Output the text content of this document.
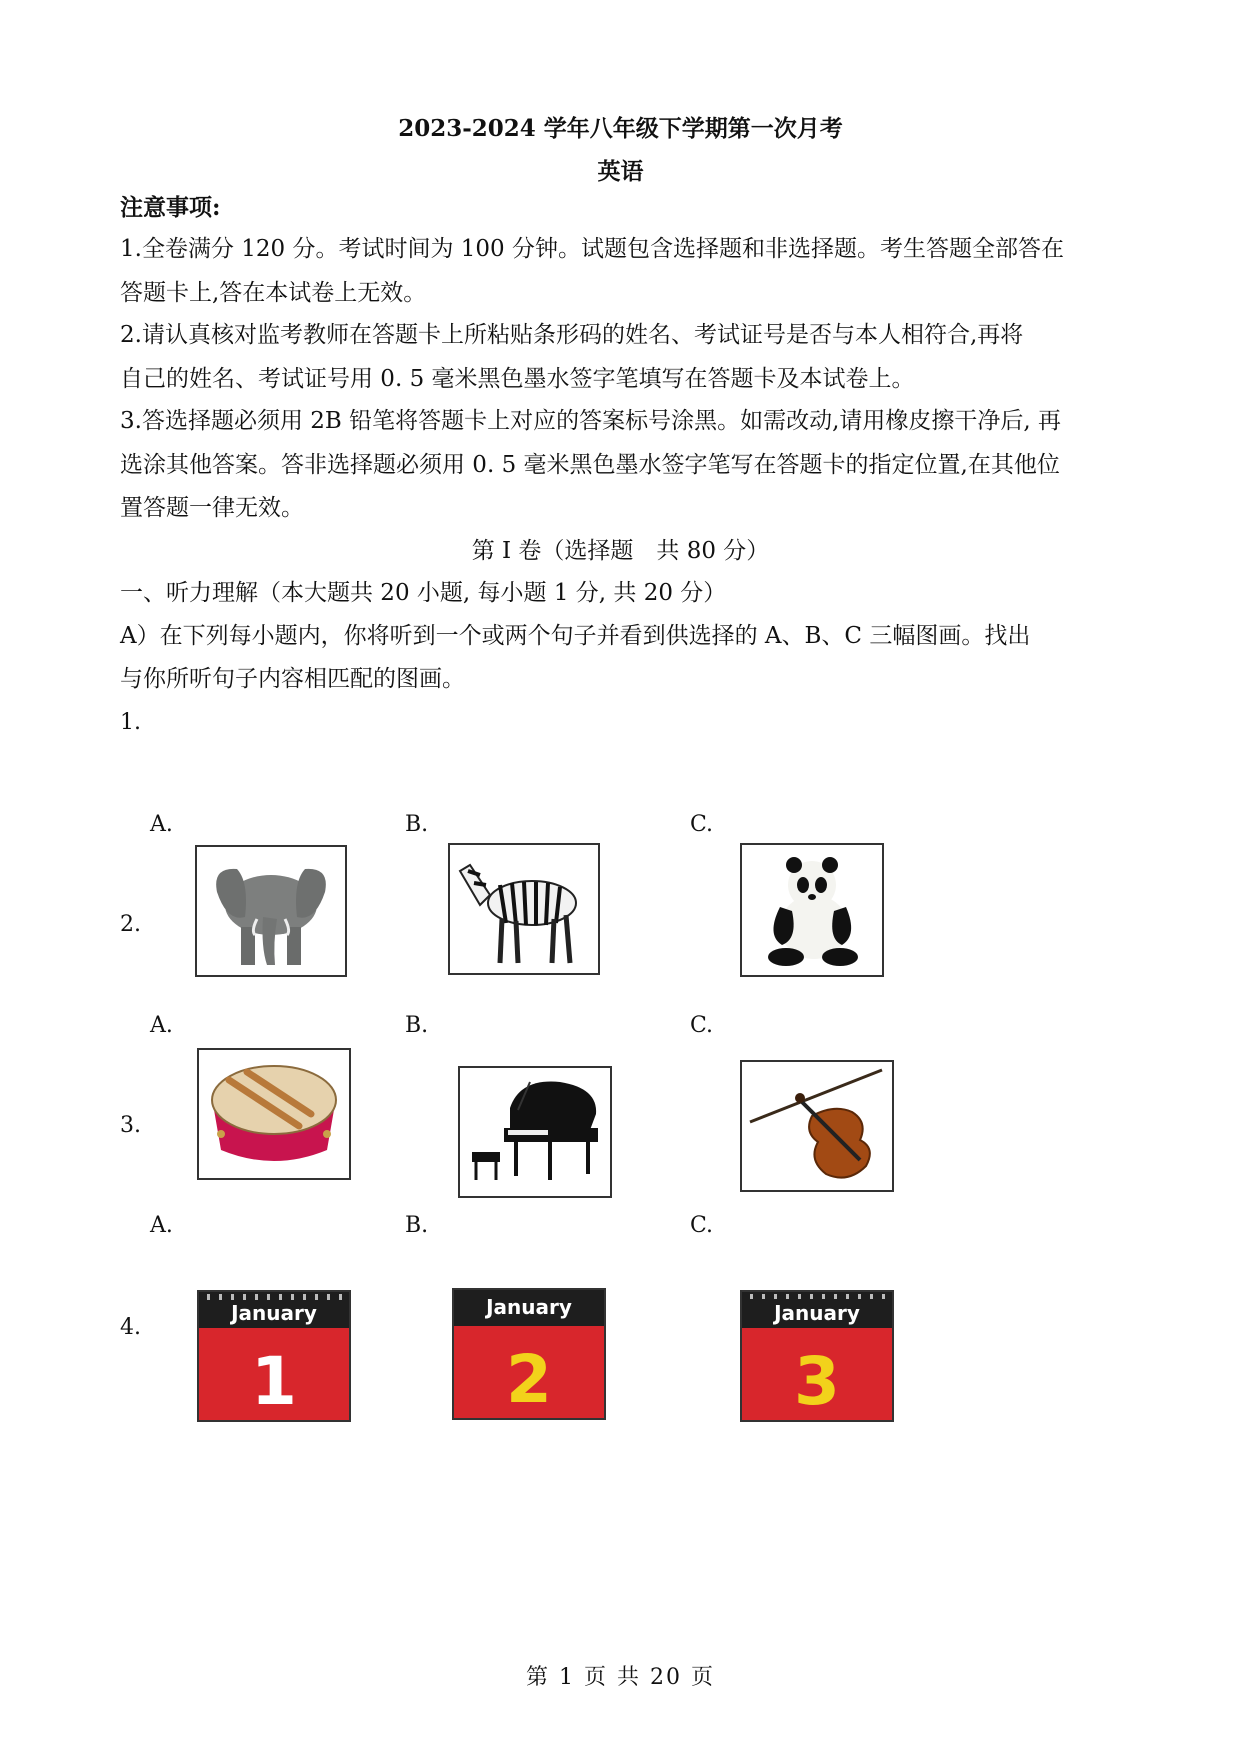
2023-2024 学年八年级下学期第一次月考
英语
注意事项:
1.全卷满分 120 分。考试时间为 100 分钟。试题包含选择题和非选择题。考生答题全部答在
答题卡上,答在本试卷上无效。
2.请认真核对监考教师在答题卡上所粘贴条形码的姓名、考试证号是否与本人相符合,再将
自己的姓名、考试证号用 0. 5 毫米黑色墨水签字笔填写在答题卡及本试卷上。
3.答选择题必须用 2B 铅笔将答题卡上对应的答案标号涂黑。如需改动,请用橡皮擦干净后, 再
选涂其他答案。答非选择题必须用 0. 5 毫米黑色墨水签字笔写在答题卡的指定位置,在其他位
置答题一律无效。
第 I 卷（选择题　共 80 分）
一、听力理解（本大题共 20 小题, 每小题 1 分, 共 20 分）
A）在下列每小题内，你将听到一个或两个句子并看到供选择的 A、B、C 三幅图画。找出
与你所听句子内容相匹配的图画。
1.
A.	B.	C.
2.
A.	B.	C.
3.
A.
January
1
B.
January
2
C.
January
3
4.
第 1 页 共 20 页
